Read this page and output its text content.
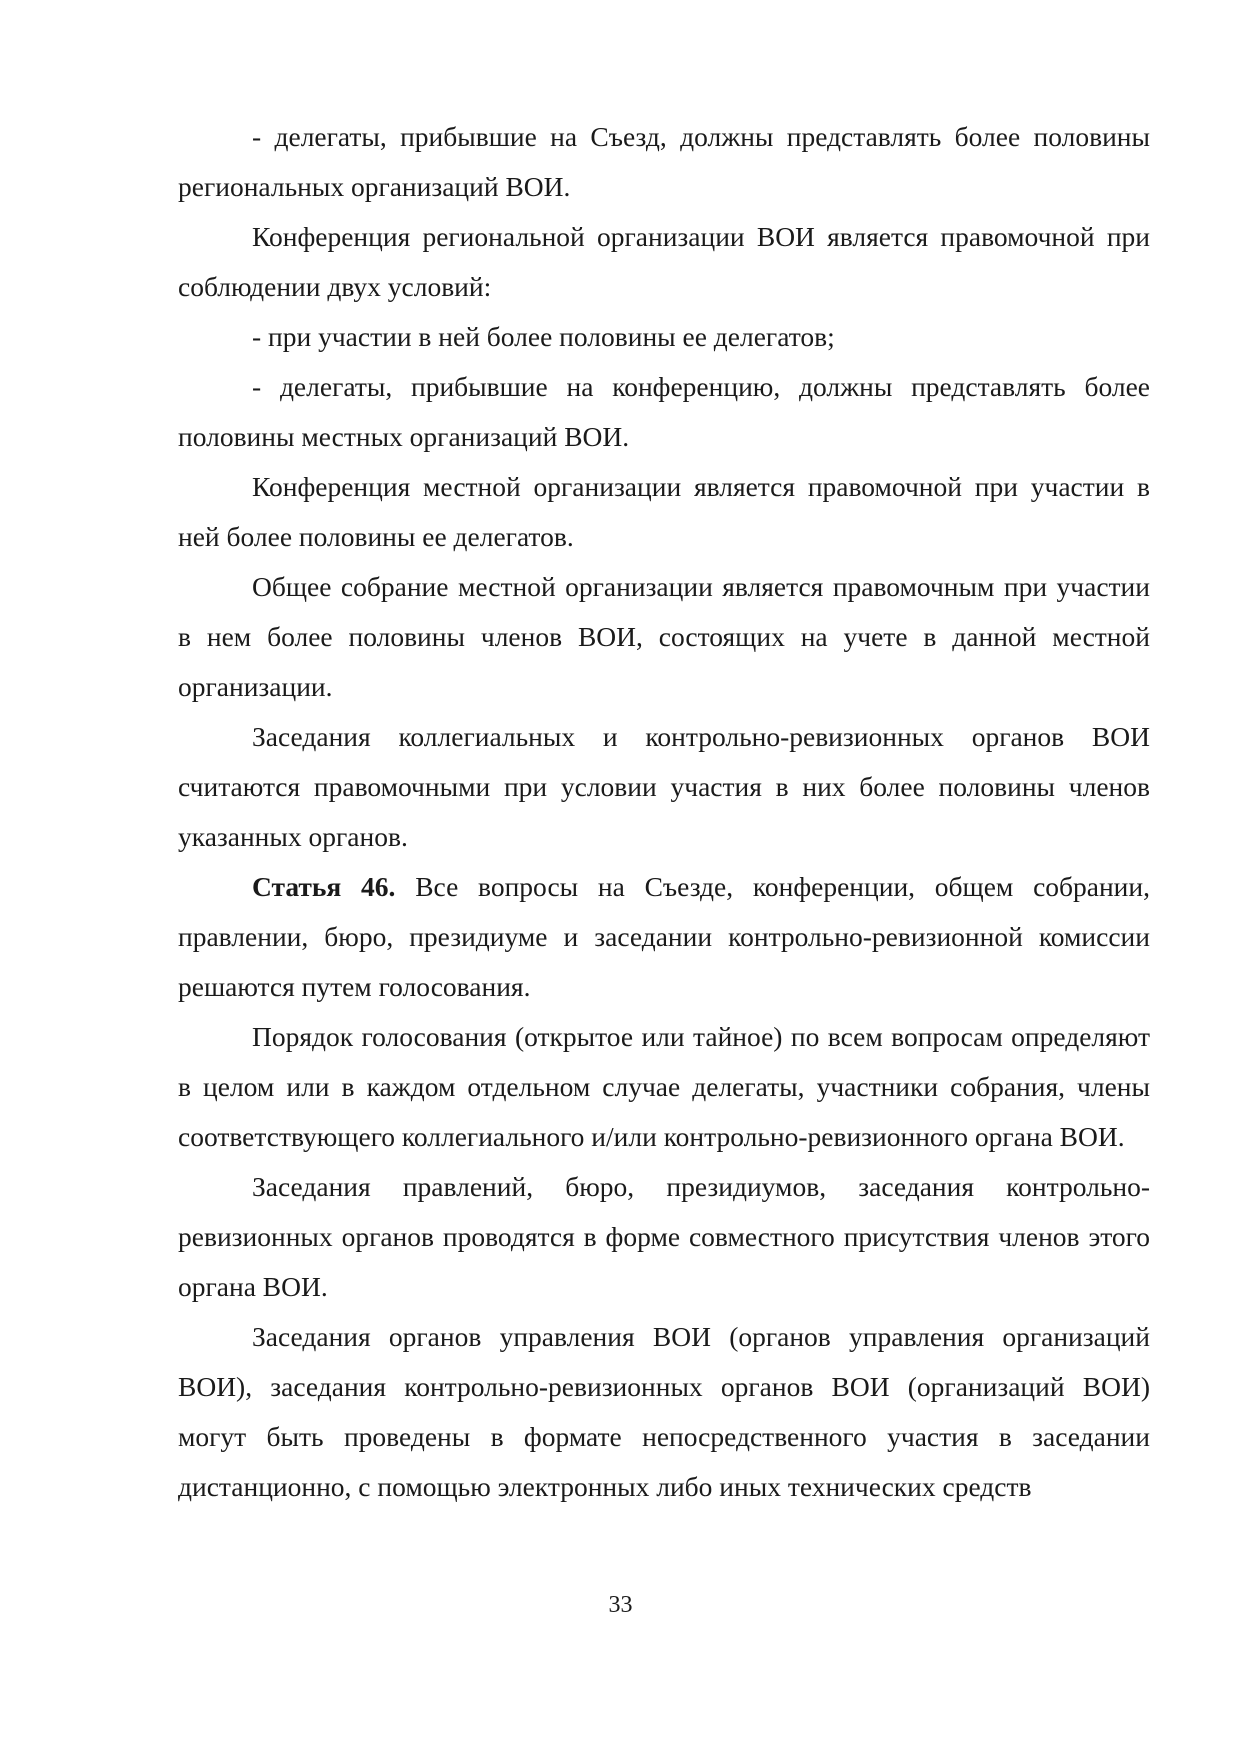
- делегаты, прибывшие на Съезд, должны представлять более половины региональных организаций ВОИ.

Конференция региональной организации ВОИ является правомочной при соблюдении двух условий:

- при участии в ней более половины ее делегатов;

- делегаты, прибывшие на конференцию, должны представлять более половины местных организаций ВОИ.

Конференция местной организации является правомочной при участии в ней более половины ее делегатов.

Общее собрание местной организации является правомочным при участии в нем более половины членов ВОИ, состоящих на учете в данной местной организации.

Заседания коллегиальных и контрольно-ревизионных органов ВОИ считаются правомочными при условии участия в них более половины членов указанных органов.

Статья 46. Все вопросы на Съезде, конференции, общем собрании, правлении, бюро, президиуме и заседании контрольно-ревизионной комиссии решаются путем голосования.

Порядок голосования (открытое или тайное) по всем вопросам определяют в целом или в каждом отдельном случае делегаты, участники собрания, члены соответствующего коллегиального и/или контрольно-ревизионного органа ВОИ.

Заседания правлений, бюро, президиумов, заседания контрольно-ревизионных органов проводятся в форме совместного присутствия членов этого органа ВОИ.

Заседания органов управления ВОИ (органов управления организаций ВОИ), заседания контрольно-ревизионных органов ВОИ (организаций ВОИ) могут быть проведены в формате непосредственного участия в заседании дистанционно, с помощью электронных либо иных технических средств

33
